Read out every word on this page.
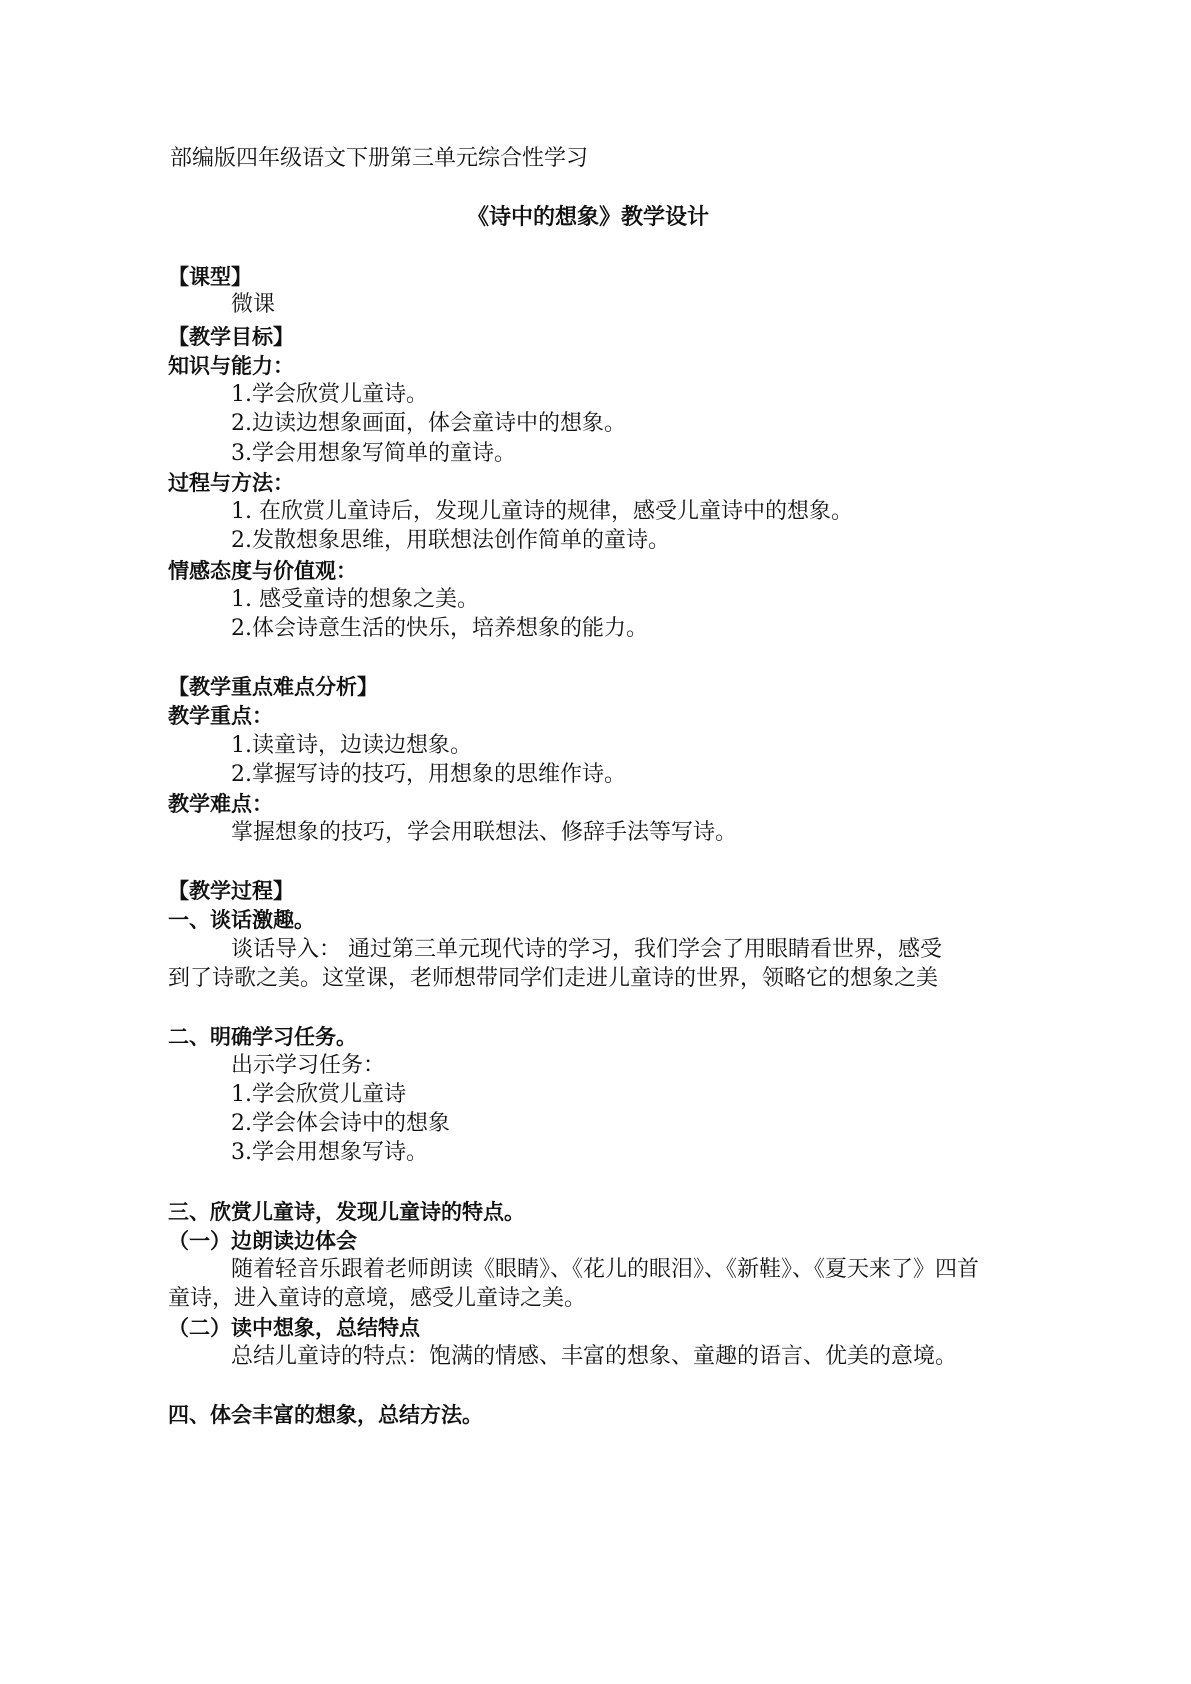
部编版四年级语文下册第三单元综合性学习
《诗中的想象》教学设计
【课型】
微课
【教学目标】
知识与能力：
1.学会欣赏儿童诗。
2.边读边想象画面，体会童诗中的想象。
3.学会用想象写简单的童诗。
过程与方法：
1. 在欣赏儿童诗后，发现儿童诗的规律，感受儿童诗中的想象。
2.发散想象思维，用联想法创作简单的童诗。
情感态度与价值观：
1. 感受童诗的想象之美。
2.体会诗意生活的快乐，培养想象的能力。
【教学重点难点分析】
教学重点：
1.读童诗，边读边想象。
2.掌握写诗的技巧，用想象的思维作诗。
教学难点：
掌握想象的技巧，学会用联想法、修辞手法等写诗。
【教学过程】
一、谈话激趣。
谈话导入： 通过第三单元现代诗的学习，我们学会了用眼睛看世界，感受
到了诗歌之美。这堂课，老师想带同学们走进儿童诗的世界，领略它的想象之美
二、明确学习任务。
出示学习任务：
1.学会欣赏儿童诗
2.学会体会诗中的想象
3.学会用想象写诗。
三、欣赏儿童诗，发现儿童诗的特点。
（一）边朗读边体会
随着轻音乐跟着老师朗读《眼睛》、《花儿的眼泪》、《新鞋》、《夏天来了》四首
童诗，进入童诗的意境，感受儿童诗之美。
（二）读中想象，总结特点
总结儿童诗的特点：饱满的情感、丰富的想象、童趣的语言、优美的意境。
四、体会丰富的想象，总结方法。
